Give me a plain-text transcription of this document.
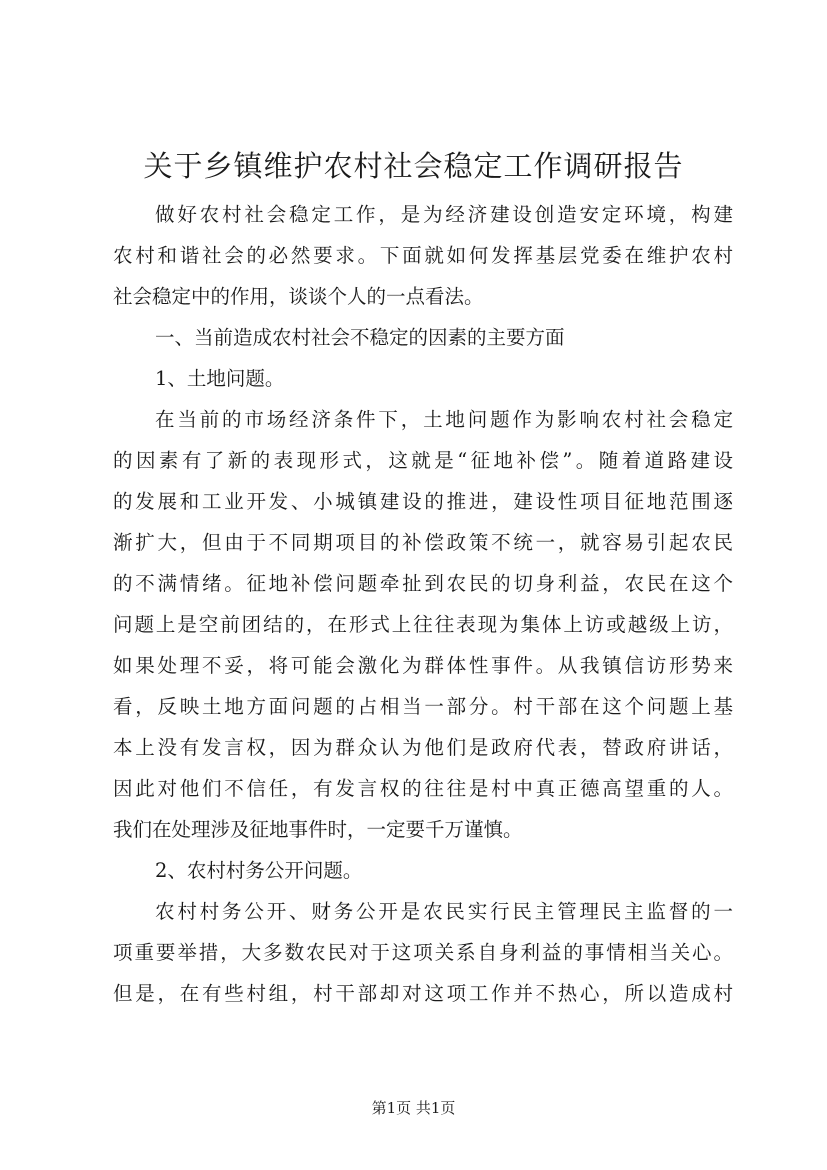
关于乡镇维护农村社会稳定工作调研报告
做好农村社会稳定工作，是为经济建设创造安定环境，构建
农村和谐社会的必然要求。下面就如何发挥基层党委在维护农村
社会稳定中的作用，谈谈个人的一点看法。
一、当前造成农村社会不稳定的因素的主要方面
1、土地问题。
在当前的市场经济条件下，土地问题作为影响农村社会稳定
的因素有了新的表现形式，这就是“征地补偿”。随着道路建设
的发展和工业开发、小城镇建设的推进，建设性项目征地范围逐
渐扩大，但由于不同期项目的补偿政策不统一，就容易引起农民
的不满情绪。征地补偿问题牵扯到农民的切身利益，农民在这个
问题上是空前团结的，在形式上往往表现为集体上访或越级上访，
如果处理不妥，将可能会激化为群体性事件。从我镇信访形势来
看，反映土地方面问题的占相当一部分。村干部在这个问题上基
本上没有发言权，因为群众认为他们是政府代表，替政府讲话，
因此对他们不信任，有发言权的往往是村中真正德高望重的人。
我们在处理涉及征地事件时，一定要千万谨慎。
2、农村村务公开问题。
农村村务公开、财务公开是农民实行民主管理民主监督的一
项重要举措，大多数农民对于这项关系自身利益的事情相当关心。
但是，在有些村组，村干部却对这项工作并不热心，所以造成村
第1页 共1页
